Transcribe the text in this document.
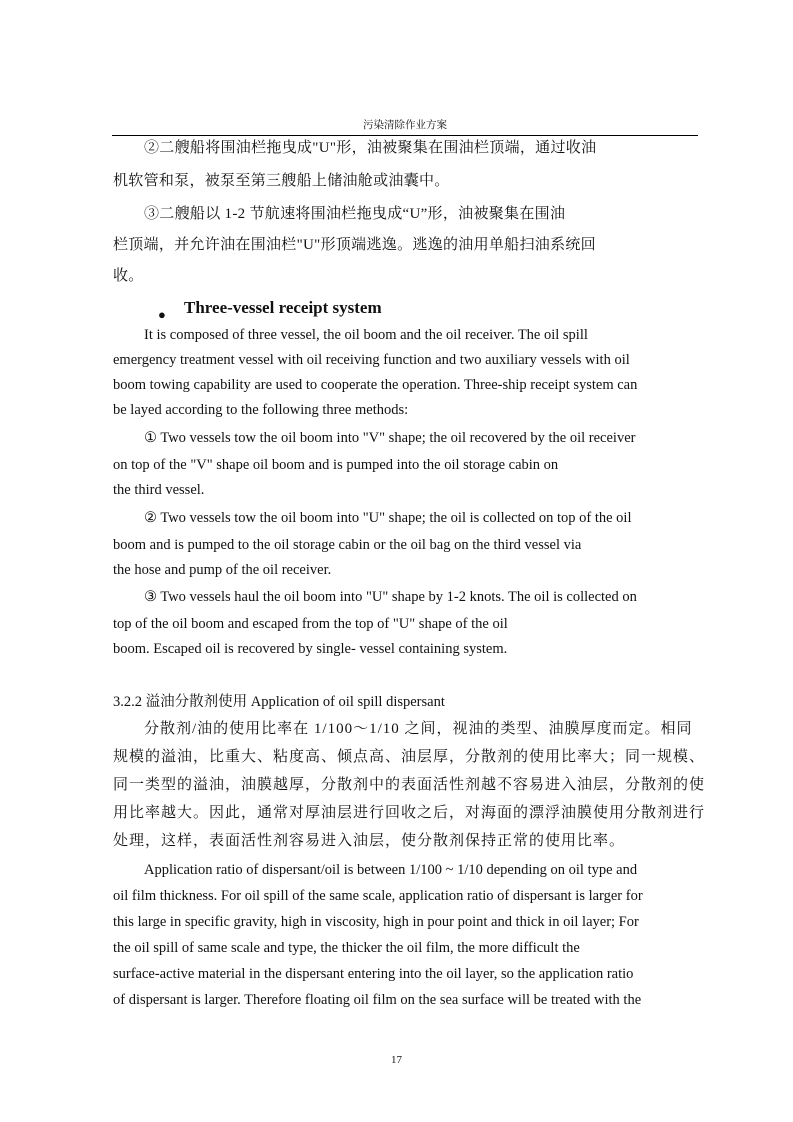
污染清除作业方案
②二艘船将围油栏拖曳成"U"形，油被聚集在围油栏顶端，通过收油
机软管和泵，被泵至第三艘船上储油舱或油囊中。
③二艘船以 1-2 节航速将围油栏拖曳成“U”形，油被聚集在围油
栏顶端，并允许油在围油栏"U"形顶端逃逸。逃逸的油用单船扫油系统回
收。
● Three-vessel receipt system
It is composed of three vessel, the oil boom and the oil receiver. The oil spill
emergency treatment vessel with oil receiving function and two auxiliary vessels with oil
boom towing capability are used to cooperate the operation. Three-ship receipt system can
be layed according to the following three methods:
① Two vessels tow the oil boom into "V" shape; the oil recovered by the oil receiver
on top of the "V" shape oil boom and is pumped into the oil storage cabin on
the third vessel.
② Two vessels tow the oil boom into "U" shape; the oil is collected on top of the oil
boom and is pumped to the oil storage cabin or the oil bag on the third vessel via
the hose and pump of the oil receiver.
③ Two vessels haul the oil boom into "U" shape by 1-2 knots. The oil is collected on
top of the oil boom and escaped from the top of "U" shape of the oil
boom. Escaped oil is recovered by single- vessel containing system.
3.2.2 溢油分散剂使用 Application of oil spill dispersant
分散剂/油的使用比率在 1/100～1/10 之间，视油的类型、油膜厚度而定。相同
规模的溢油，比重大、粘度高、倾点高、油层厚，分散剂的使用比率大；同一规模、
同一类型的溢油，油膜越厚，分散剂中的表面活性剂越不容易进入油层，分散剂的使
用比率越大。因此，通常对厚油层进行回收之后，对海面的漂浮油膜使用分散剂进行
处理，这样，表面活性剂容易进入油层，使分散剂保持正常的使用比率。
Application ratio of dispersant/oil is between 1/100 ~ 1/10 depending on oil type and
oil film thickness. For oil spill of the same scale, application ratio of dispersant is larger for
this large in specific gravity, high in viscosity, high in pour point and thick in oil layer; For
the oil spill of same scale and type, the thicker the oil film, the more difficult the
surface-active material in the dispersant entering into the oil layer, so the application ratio
of dispersant is larger. Therefore floating oil film on the sea surface will be treated with the
17
